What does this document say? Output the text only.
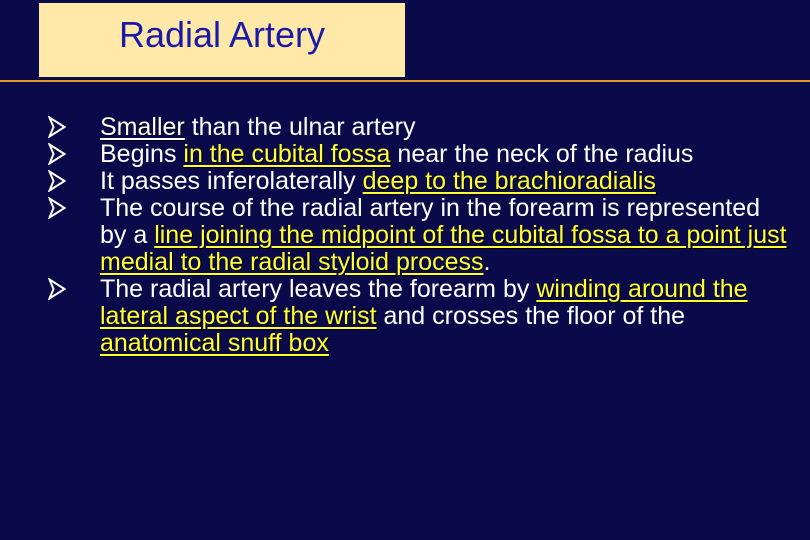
Radial Artery
Smaller than the ulnar artery
Begins in the cubital fossa near the neck of the radius
It passes inferolaterally deep to the brachioradialis
The course of the radial artery in the forearm is represented by a line joining the midpoint of the cubital fossa to a point just medial to the radial styloid process.
The radial artery leaves the forearm by winding around the lateral aspect of the wrist and crosses the floor of the anatomical snuff box
